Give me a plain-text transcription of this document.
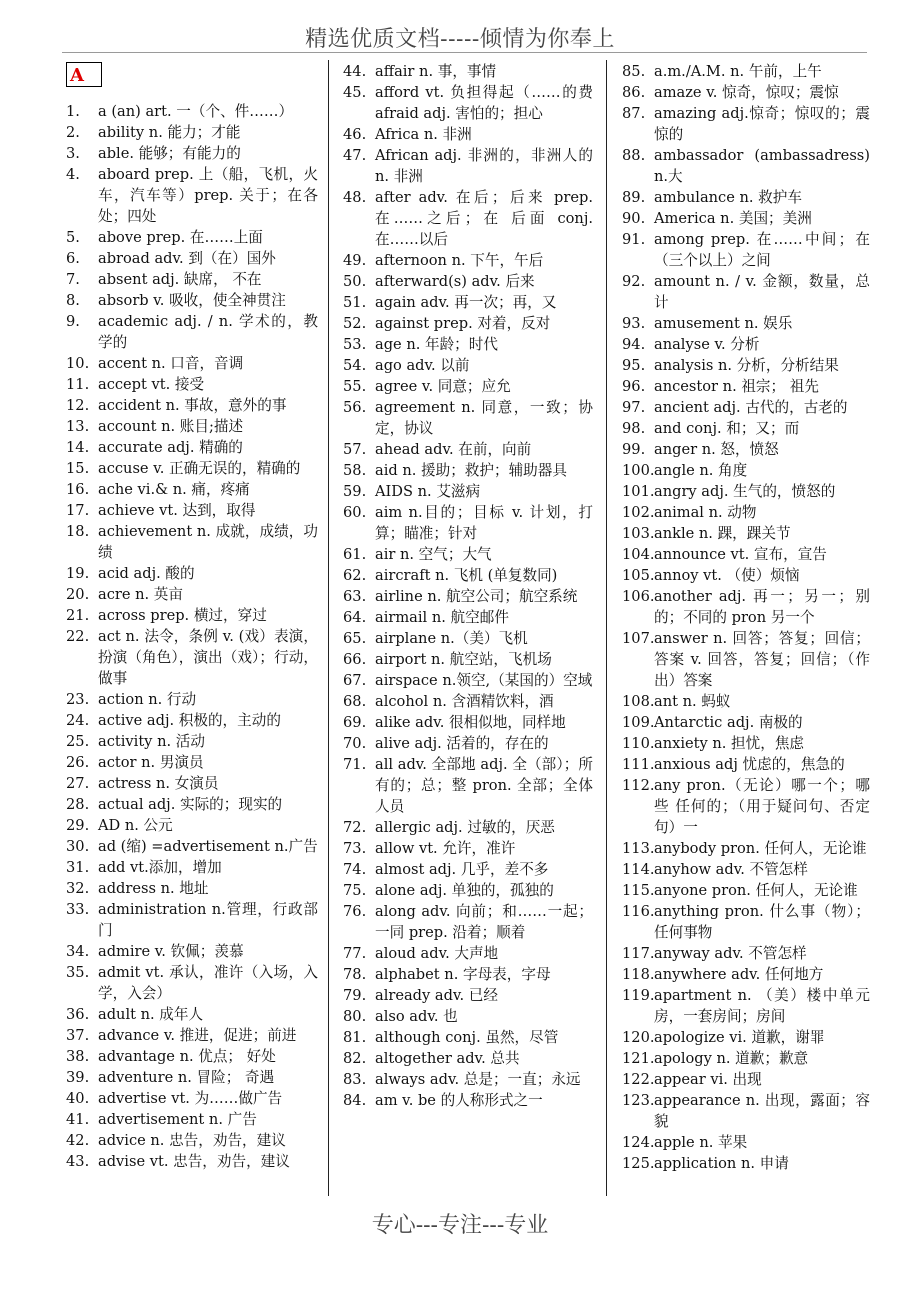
精选优质文档-----倾情为你奉上
A
1. a (an) art. 一（个、件……）
2. ability n. 能力；才能
3. able. 能够；有能力的
4. aboard prep. 上（船，飞机，火车，汽车等）prep. 关于；在各处；四处
5. above prep. 在……上面
6. abroad adv. 到（在）国外
7. absent adj. 缺席， 不在
8. absorb v. 吸收，使全神贯注
9. academic adj. / n. 学术的，教学的
10. accent n. 口音，音调
11. accept vt. 接受
12. accident n. 事故，意外的事
13. account n. 账目;描述
14. accurate adj. 精确的
15. accuse v. 正确无误的，精确的
16. ache vi.& n. 痛，疼痛
17. achieve vt. 达到，取得
18. achievement n. 成就，成绩，功绩
19. acid adj. 酸的
20. acre n. 英亩
21. across prep. 横过，穿过
22. act n. 法令，条例 v. (戏）表演，扮演（角色），演出（戏）；行动，做事
23. action n. 行动
24. active adj. 积极的，主动的
25. activity n. 活动
26. actor n. 男演员
27. actress n. 女演员
28. actual adj. 实际的；现实的
29. AD n. 公元
30. ad (缩) =advertisement n.广告
31. add vt.添加，增加
32. address n. 地址
33. administration n.管理，行政部门
34. admire v. 钦佩；羡慕
35. admit vt. 承认，准许（入场，入学，入会）
36. adult n. 成年人
37. advance v. 推进，促进；前进
38. advantage n. 优点； 好处
39. adventure n. 冒险； 奇遇
40. advertise vt. 为……做广告
41. advertisement n. 广告
42. advice n. 忠告，劝告，建议
43. advise vt. 忠告，劝告，建议
44. affair n. 事，事情
45. afford vt. 负担得起（……的费 afraid adj. 害怕的；担心
46. Africa n. 非洲
47. African adj. 非洲的，非洲人的 n. 非洲
48. after adv. 在后；后来 prep. 在……之后；在 后面 conj. 在……以后
49. afternoon n. 下午，午后
50. afterward(s) adv. 后来
51. again adv. 再一次；再，又
52. against prep. 对着，反对
53. age n. 年龄；时代
54. ago adv. 以前
55. agree v. 同意；应允
56. agreement n. 同意，一致；协定，协议
57. ahead adv. 在前，向前
58. aid n. 援助；救护；辅助器具
59. AIDS n. 艾滋病
60. aim n.目的；目标 v. 计划，打算；瞄准；针对
61. air n. 空气；大气
62. aircraft n. 飞机 (单复数同)
63. airline n. 航空公司；航空系统
64. airmail n. 航空邮件
65. airplane n.（美）飞机
66. airport n. 航空站，飞机场
67. airspace n.领空,（某国的）空域
68. alcohol n. 含酒精饮料，酒
69. alike adv. 很相似地，同样地
70. alive adj. 活着的，存在的
71. all adv. 全部地 adj. 全（部）；所有的；总；整 pron. 全部；全体人员
72. allergic adj. 过敏的，厌恶
73. allow vt. 允许，准许
74. almost adj. 几乎，差不多
75. alone adj. 单独的，孤独的
76. along adv. 向前；和……一起；一同 prep. 沿着；顺着
77. aloud adv. 大声地
78. alphabet n. 字母表，字母
79. already adv. 已经
80. also adv. 也
81. although conj. 虽然，尽管
82. altogether adv. 总共
83. always adv. 总是；一直；永远
84. am v. be 的人称形式之一
85. a.m./A.M. n. 午前，上午
86. amaze v. 惊奇，惊叹；震惊
87. amazing adj.惊奇；惊叹的；震惊的
88. ambassador (ambassadress) n.大
89. ambulance n. 救护车
90. America n. 美国；美洲
91. among prep. 在……中间；在（三个以上）之间
92. amount n. / v. 金额，数量，总计
93. amusement n. 娱乐
94. analyse v. 分析
95. analysis n. 分析，分析结果
96. ancestor n. 祖宗； 祖先
97. ancient adj. 古代的，古老的
98. and conj. 和；又；而
99. anger n. 怒，愤怒
100. angle n. 角度
101. angry adj. 生气的，愤怒的
102. animal n. 动物
103. ankle n. 踝，踝关节
104. announce vt. 宣布，宣告
105. annoy vt. （使）烦恼
106. another adj. 再一；另一；别的；不同的 pron 另一个
107. answer n. 回答；答复；回信；答案 v. 回答，答复；回信；（作出）答案
108. ant n. 蚂蚁
109. Antarctic adj. 南极的
110. anxiety n. 担忧，焦虑
111. anxious adj 忧虑的，焦急的
112. any pron.（无论）哪一个；哪些 任何的；（用于疑问句、否定句）一
113. anybody pron. 任何人，无论谁
114. anyhow adv. 不管怎样
115. anyone pron. 任何人，无论谁
116. anything pron. 什么事（物）；任何事物
117. anyway adv. 不管怎样
118. anywhere adv. 任何地方
119. apartment n. （美）楼中单元房，一套房间；房间
120. apologize vi. 道歉，谢罪
121. apology n. 道歉；歉意
122. appear vi. 出现
123. appearance n. 出现，露面；容貌
124. apple n. 苹果
125. application n. 申请
专心---专注---专业
